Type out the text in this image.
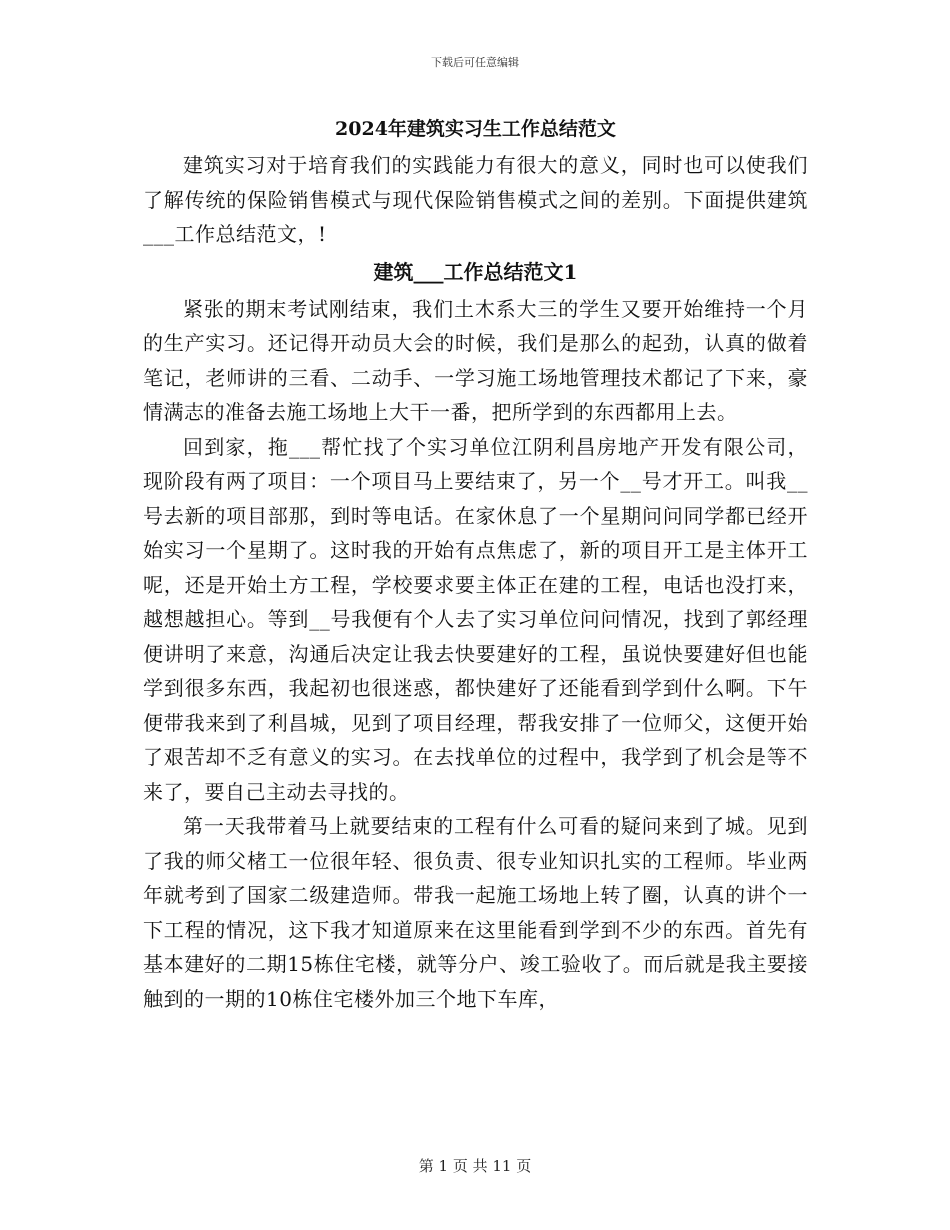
下载后可任意编辑
2024年建筑实习生工作总结范文

建筑实习对于培育我们的实践能力有很大的意义，同时也可以使我们了解传统的保险销售模式与现代保险销售模式之间的差别。下面提供建筑___工作总结范文，!

建筑___工作总结范文1

紧张的期末考试刚结束，我们土木系大三的学生又要开始维持一个月的生产实习。还记得开动员大会的时候，我们是那么的起劲，认真的做着笔记，老师讲的三看、二动手、一学习施工场地管理技术都记了下来，豪情满志的准备去施工场地上大干一番，把所学到的东西都用上去。

回到家，拖___帮忙找了个实习单位江阴利昌房地产开发有限公司，现阶段有两了项目：一个项目马上要结束了，另一个__号才开工。叫我__号去新的项目部那，到时等电话。在家休息了一个星期问问同学都已经开始实习一个星期了。这时我的开始有点焦虑了，新的项目开工是主体开工呢，还是开始土方工程，学校要求要主体正在建的工程，电话也没打来，越想越担心。等到__号我便有个人去了实习单位问问情况，找到了郭经理便讲明了来意，沟通后决定让我去快要建好的工程，虽说快要建好但也能学到很多东西，我起初也很迷惑，都快建好了还能看到学到什么啊。下午便带我来到了利昌城，见到了项目经理，帮我安排了一位师父，这便开始了艰苦却不乏有意义的实习。在去找单位的过程中，我学到了机会是等不来了，要自己主动去寻找的。

第一天我带着马上就要结束的工程有什么可看的疑问来到了城。见到了我的师父楮工一位很年轻、很负责、很专业知识扎实的工程师。毕业两年就考到了国家二级建造师。带我一起施工场地上转了圈，认真的讲个一下工程的情况，这下我才知道原来在这里能看到学到不少的东西。首先有基本建好的二期15栋住宅楼，就等分户、竣工验收了。而后就是我主要接触到的一期的10栋住宅楼外加三个地下车库，

第 1 页 共 11 页
